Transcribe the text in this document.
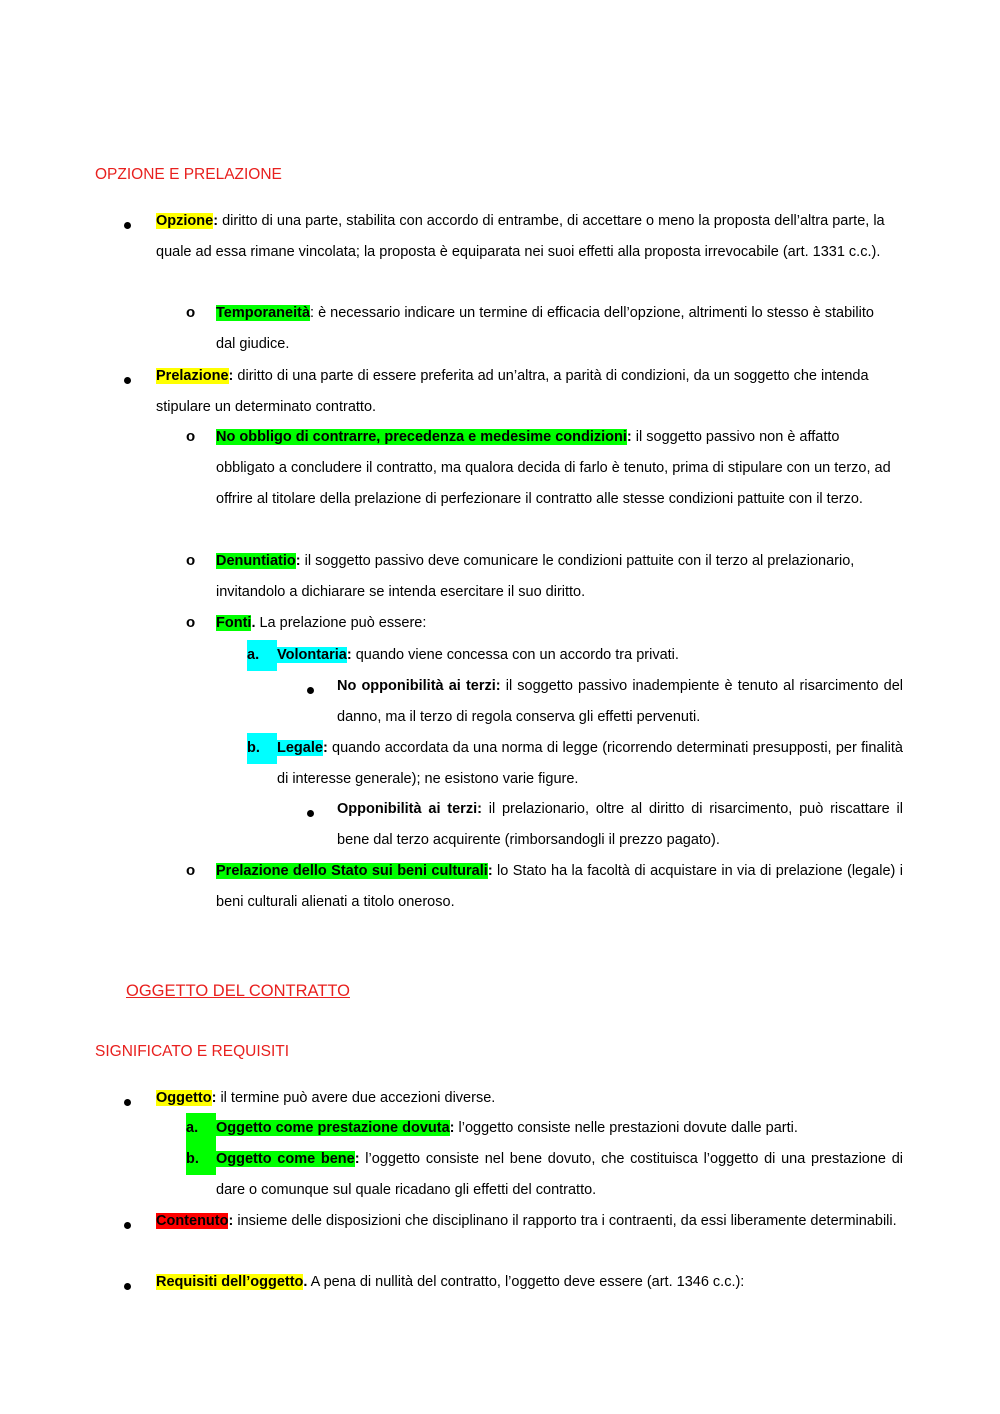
OPZIONE E PRELAZIONE

Opzione: diritto di una parte, stabilita con accordo di entrambe, di accettare o meno la proposta dell’altra parte, la quale ad essa rimane vincolata; la proposta è equiparata nei suoi effetti alla proposta irrevocabile (art. 1331 c.c.).

o Temporaneità: è necessario indicare un termine di efficacia dell’opzione, altrimenti lo stesso è stabilito dal giudice.

Prelazione: diritto di una parte di essere preferita ad un’altra, a parità di condizioni, da un soggetto che intenda stipulare un determinato contratto.

o No obbligo di contrarre, precedenza e medesime condizioni: il soggetto passivo non è affatto obbligato a concludere il contratto, ma qualora decida di farlo è tenuto, prima di stipulare con un terzo, ad offrire al titolare della prelazione di perfezionare il contratto alle stesse condizioni pattuite con il terzo.

o Denuntiatio: il soggetto passivo deve comunicare le condizioni pattuite con il terzo al prelazionario, invitandolo a dichiarare se intenda esercitare il suo diritto.

o Fonti. La prelazione può essere:

a. Volontaria: quando viene concessa con un accordo tra privati.

No opponibilità ai terzi: il soggetto passivo inadempiente è tenuto al risarcimento del danno, ma il terzo di regola conserva gli effetti pervenuti.

b. Legale: quando accordata da una norma di legge (ricorrendo determinati presupposti, per finalità di interesse generale); ne esistono varie figure.

Opponibilità ai terzi: il prelazionario, oltre al diritto di risarcimento, può riscattare il bene dal terzo acquirente (rimborsandogli il prezzo pagato).

o Prelazione dello Stato sui beni culturali: lo Stato ha la facoltà di acquistare in via di prelazione (legale) i beni culturali alienati a titolo oneroso.

OGGETTO DEL CONTRATTO
SIGNIFICATO E REQUISITI

Oggetto: il termine può avere due accezioni diverse.

a. Oggetto come prestazione dovuta: l’oggetto consiste nelle prestazioni dovute dalle parti.

b. Oggetto come bene: l’oggetto consiste nel bene dovuto, che costituisca l’oggetto di una prestazione di dare o comunque sul quale ricadano gli effetti del contratto.

Contenuto: insieme delle disposizioni che disciplinano il rapporto tra i contraenti, da essi liberamente determinabili.

Requisiti dell’oggetto. A pena di nullità del contratto, l’oggetto deve essere (art. 1346 c.c.):
